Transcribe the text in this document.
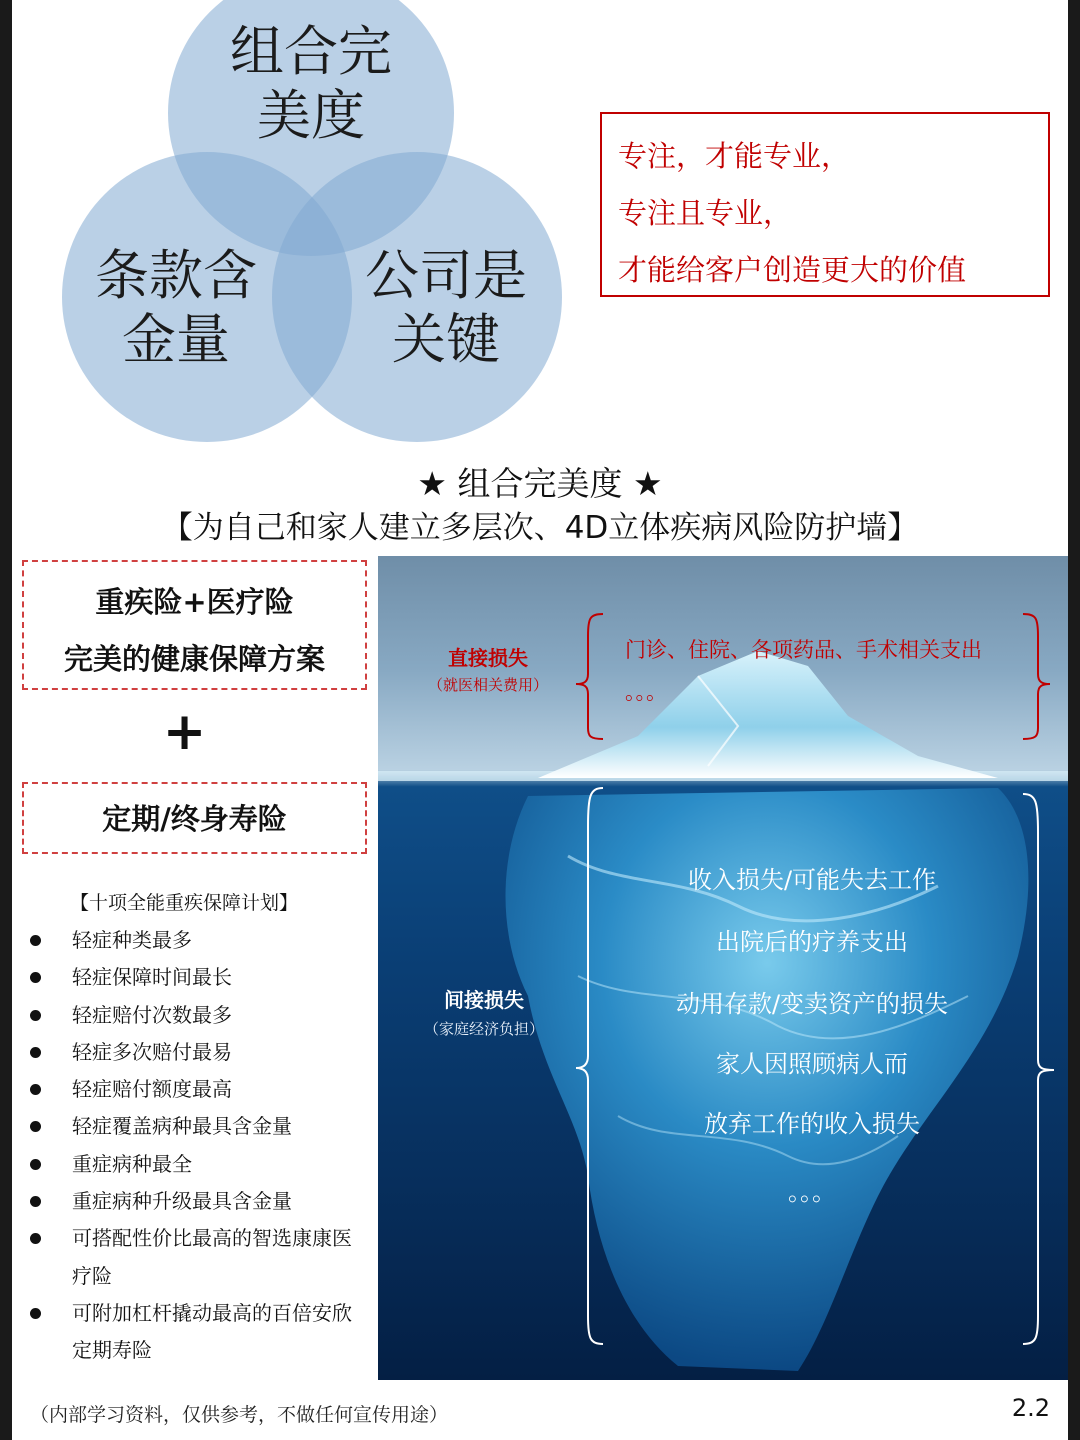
组合完
美度
条款含
金量
公司是
关键
专注，才能专业，
专注且专业，
才能给客户创造更大的价值
★ 组合完美度 ★
【为自己和家人建立多层次、4D立体疾病风险防护墙】
重疾险+医疗险
完美的健康保障方案
+
定期/终身寿险
【十项全能重疾保障计划】
轻症种类最多
轻症保障时间最长
轻症赔付次数最多
轻症多次赔付最易
轻症赔付额度最高
轻症覆盖病种最具含金量
重症病种最全
重症病种升级最具含金量
可搭配性价比最高的智选康康医疗险
可附加杠杆撬动最高的百倍安欣定期寿险
直接损失
（就医相关费用）
门诊、住院、各项药品、手术相关支出
。。。
间接损失
（家庭经济负担）
收入损失/可能失去工作
出院后的疗养支出
动用存款/变卖资产的损失
家人因照顾病人而
放弃工作的收入损失
。。。
（内部学习资料，仅供参考，不做任何宣传用途）	2.2
